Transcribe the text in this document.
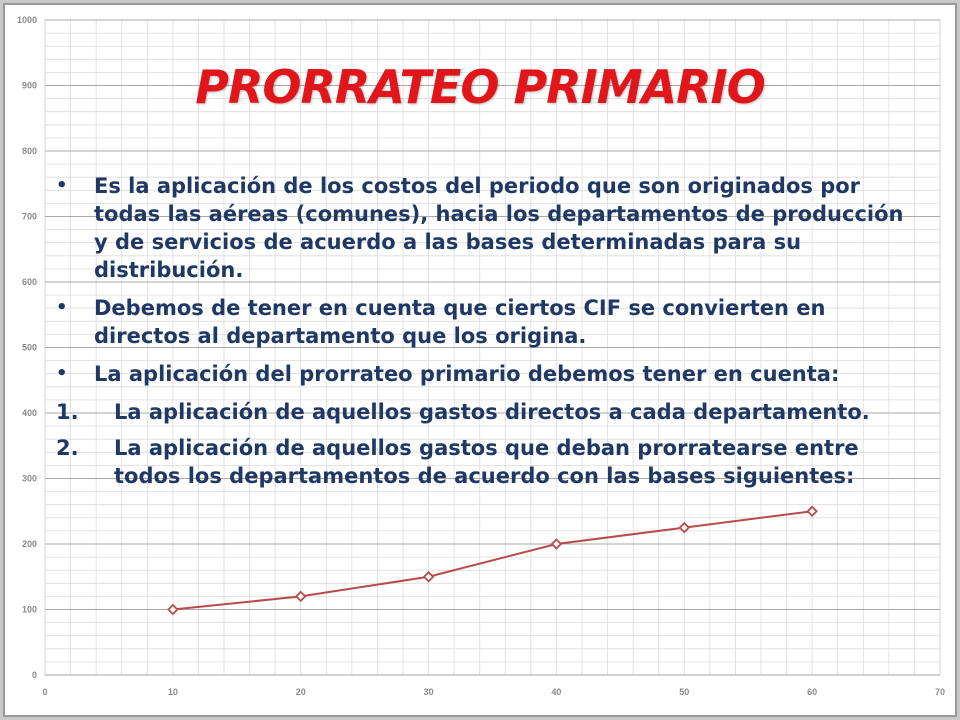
0
100
200
300
400
500
600
700
800
900
1000
0	10	20	30	40	50	60	70
PRORRATEO PRIMARIO
•	Es la aplicación de los costos del periodo que son originados por todas las aéreas (comunes), hacia los departamentos de producción y de servicios de acuerdo a las bases determinadas para su distribución.
•	Debemos de tener en cuenta que ciertos CIF se convierten en directos al departamento que los origina.
•	La aplicación del prorrateo primario debemos tener en cuenta:
1.	La aplicación de aquellos gastos directos a cada departamento.
2.	La aplicación de aquellos gastos que deban prorratearse entre todos los departamentos de acuerdo con las bases siguientes:
